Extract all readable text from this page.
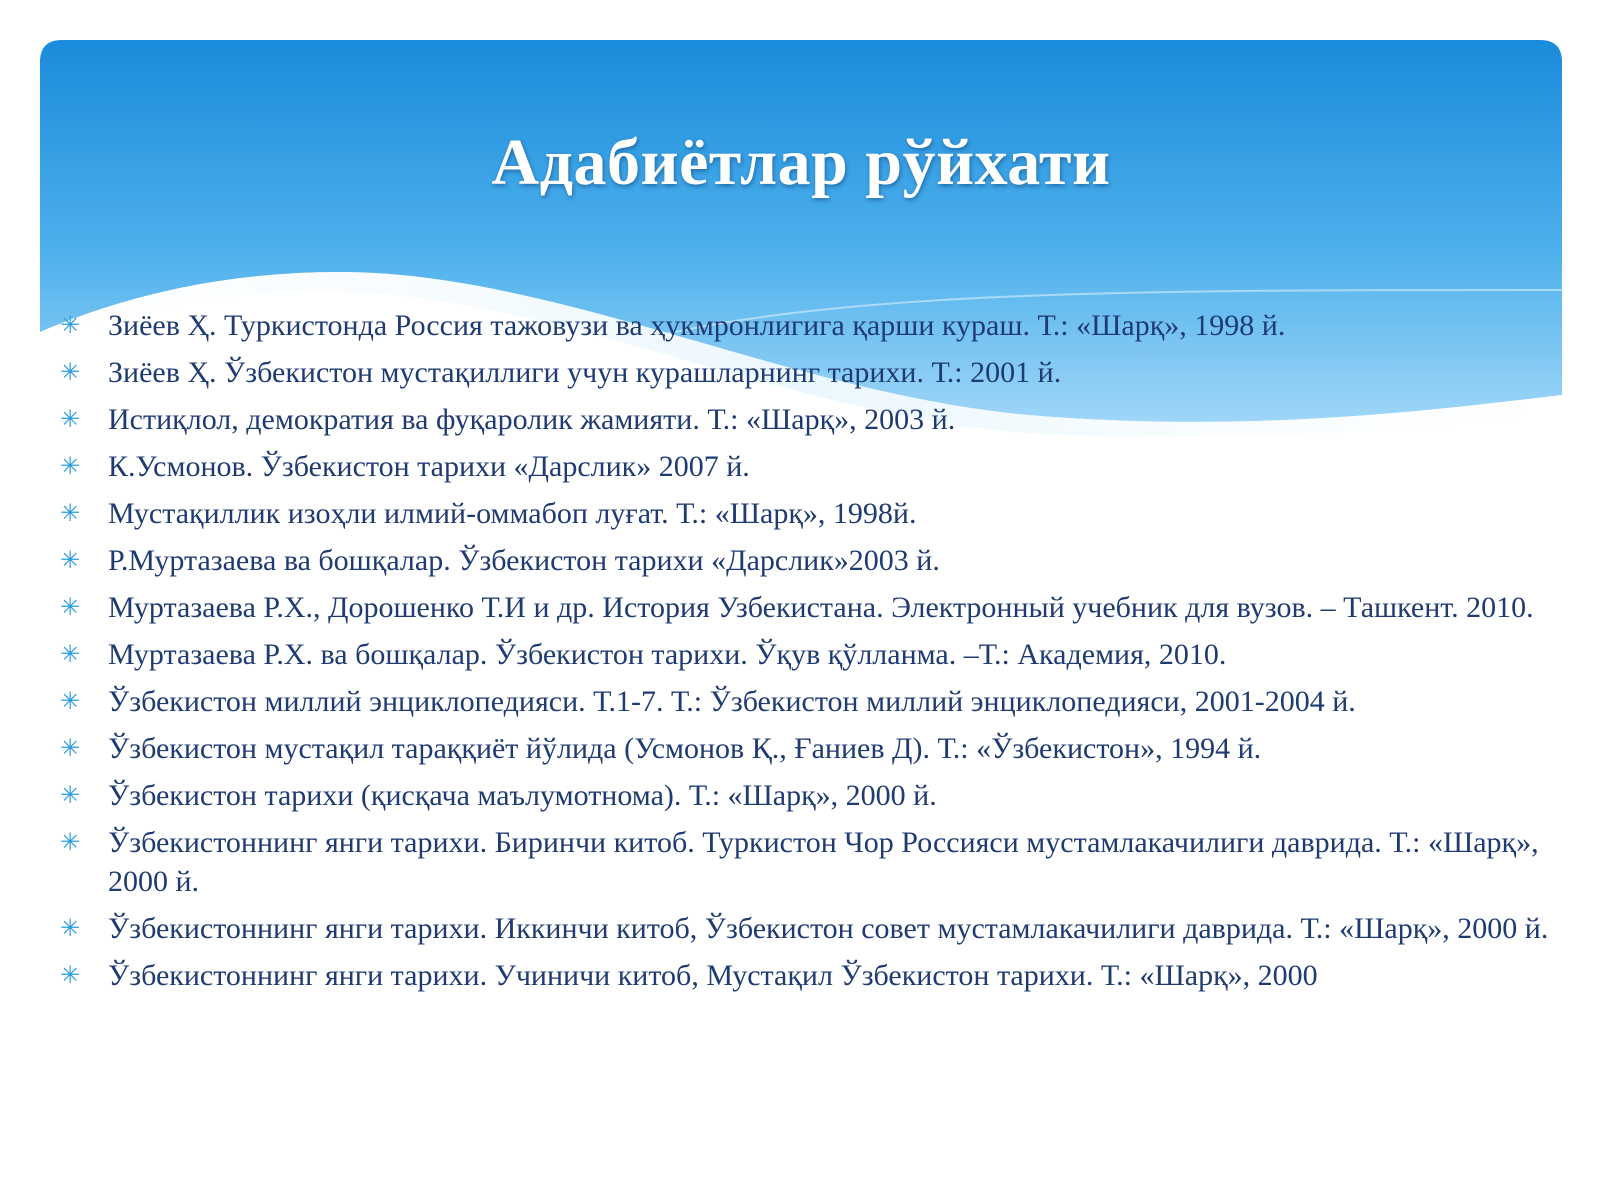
Адабиётлар рўйхати
✳ Зиёев Ҳ. Туркистонда Россия тажовузи ва ҳукмронлигига қарши кураш. Т.: «Шарқ», 1998 й.
✳ Зиёев Ҳ. Ўзбекистон мустақиллиги учун курашларнинг тарихи. Т.: 2001 й.
✳ Истиқлол, демократия ва фуқаролик жамияти. Т.: «Шарқ», 2003 й.
✳ К.Усмонов. Ўзбекистон тарихи «Дарслик» 2007 й.
✳ Мустақиллик изоҳли илмий-оммабоп луғат. Т.: «Шарқ», 1998й.
✳ Р.Муртазаева ва бошқалар. Ўзбекистон тарихи «Дарслик»2003 й.
✳ Муртазаева Р.Х., Дорошенко Т.И и др. История Узбекистана. Электронный учебник для вузов. – Ташкент. 2010.
✳ Муртазаева Р.Х. ва бошқалар. Ўзбекистон тарихи. Ўқув қўлланма. –Т.: Академия, 2010.
✳ Ўзбекистон миллий энциклопедияси. Т.1-7. Т.: Ўзбекистон миллий энциклопедияси, 2001-2004 й.
✳ Ўзбекистон мустақил тараққиёт йўлида (Усмонов Қ., Ғаниев Д). Т.: «Ўзбекистон», 1994 й.
✳ Ўзбекистон тарихи (қисқача маълумотнома). Т.: «Шарқ», 2000 й.
✳ Ўзбекистоннинг янги тарихи. Биринчи китоб. Туркистон Чор Россияси мустамлакачилиги даврида. Т.: «Шарқ», 2000 й.
✳ Ўзбекистоннинг янги тарихи. Иккинчи китоб, Ўзбекистон совет мустамлакачилиги даврида. Т.: «Шарқ», 2000 й.
✳ Ўзбекистоннинг янги тарихи. Учиничи китоб, Мустақил Ўзбекистон тарихи. Т.: «Шарқ», 2000
